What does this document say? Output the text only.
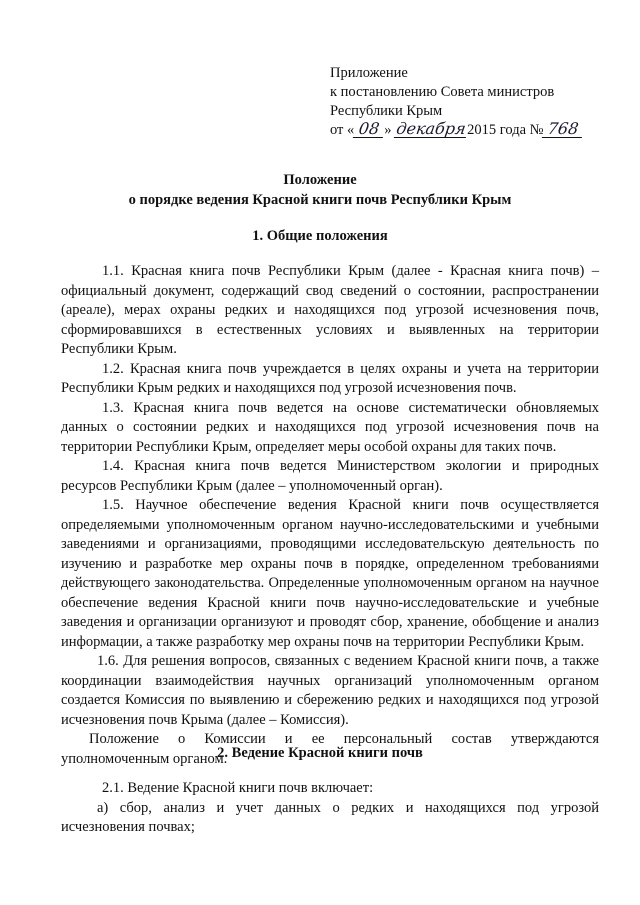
Приложение
к постановлению Совета министров
Республики Крым
от « 08 » декабря2015 года № 768
Положение
о порядке ведения Красной книги почв Республики Крым
1. Общие положения

1.1. Красная книга почв Республики Крым (далее - Красная книга почв) – официальный документ, содержащий свод сведений о состоянии, распространении (ареале), мерах охраны редких и находящихся под угрозой исчезновения почв, сформировавшихся в естественных условиях и выявленных на территории Республики Крым.

1.2. Красная книга почв учреждается в целях охраны и учета на территории Республики Крым редких и находящихся под угрозой исчезновения почв.

1.3. Красная книга почв ведется на основе систематически обновляемых данных о состоянии редких и находящихся под угрозой исчезновения почв на территории Республики Крым, определяет меры особой охраны для таких почв.

1.4. Красная книга почв ведется Министерством экологии и природных ресурсов Республики Крым (далее – уполномоченный орган).

1.5. Научное обеспечение ведения Красной книги почв осуществляется определяемыми уполномоченным органом научно-исследовательскими и учебными заведениями и организациями, проводящими исследовательскую деятельность по изучению и разработке мер охраны почв в порядке, определенном требованиями действующего законодательства. Определенные уполномоченным органом на научное обеспечение ведения Красной книги почв научно-исследовательские и учебные заведения и организации организуют и проводят сбор, хранение, обобщение и анализ информации, а также разработку мер охраны почв на территории Республики Крым.

1.6. Для решения вопросов, связанных с ведением Красной книги почв, а также координации взаимодействия научных организаций уполномоченным органом создается Комиссия по выявлению и сбережению редких и находящихся под угрозой исчезновения почв Крыма (далее – Комиссия).

Положение о Комиссии и ее персональный состав утверждаются уполномоченным органом.

2. Ведение Красной книги почв

2.1. Ведение Красной книги почв включает:

а) сбор, анализ и учет данных о редких и находящихся под угрозой исчезновения почвах;
